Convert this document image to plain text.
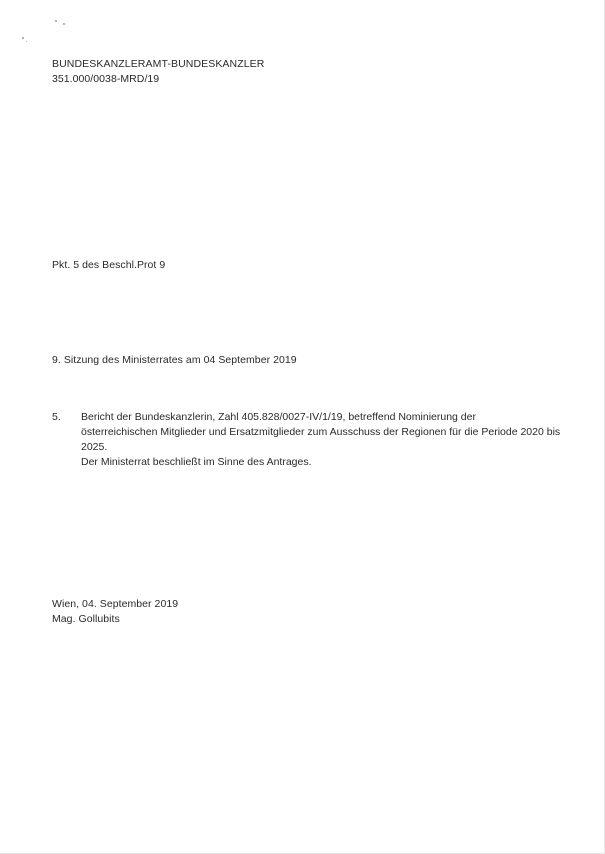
BUNDESKANZLERAMT-BUNDESKANZLER
351.000/0038-MRD/19
Pkt. 5 des Beschl.Prot 9
9. Sitzung des Ministerrates am 04 September 2019
5. Bericht der Bundeskanzlerin, Zahl 405.828/0027-IV/1/19, betreffend Nominierung der
österreichischen Mitglieder und Ersatzmitglieder zum Ausschuss der Regionen für die Periode 2020 bis
2025.
Der Ministerrat beschließt im Sinne des Antrages.
Wien, 04. September 2019
Mag. Gollubits
